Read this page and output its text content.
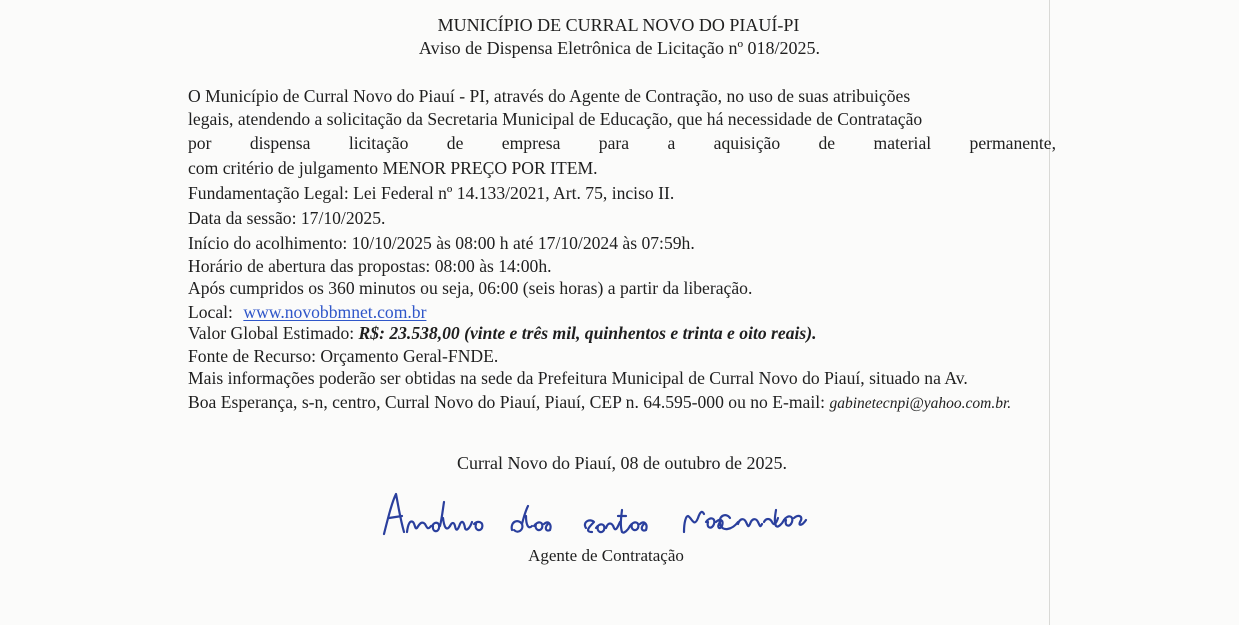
MUNICÍPIO DE CURRAL NOVO DO PIAUÍ-PI
Aviso de Dispensa Eletrônica de Licitação nº 018/2025.
O Município de Curral Novo do Piauí - PI, através do Agente de Contração, no uso de suas atribuições
legais, atendendo a solicitação da Secretaria Municipal de Educação, que há necessidade de Contratação
por dispensa licitação de empresa para a aquisição de material permanente,
com critério de julgamento MENOR PREÇO POR ITEM.
Fundamentação Legal: Lei Federal nº 14.133/2021, Art. 75, inciso II.
Data da sessão: 17/10/2025.
Início do acolhimento: 10/10/2025 às 08:00 h até 17/10/2024 às 07:59h.
Horário de abertura das propostas: 08:00 às 14:00h.
Após cumpridos os 360 minutos ou seja, 06:00 (seis horas) a partir da liberação.
Local: www.novobbmnet.com.br
Valor Global Estimado: R$: 23.538,00 (vinte e três mil, quinhentos e trinta e oito reais).
Fonte de Recurso: Orçamento Geral-FNDE.
Mais informações poderão ser obtidas na sede da Prefeitura Municipal de Curral Novo do Piauí, situado na Av.
Boa Esperança, s-n, centro, Curral Novo do Piauí, Piauí, CEP n. 64.595-000 ou no E-mail: gabinetecnpi@yahoo.com.br.
Curral Novo do Piauí, 08 de outubro de 2025.
Agente de Contratação
